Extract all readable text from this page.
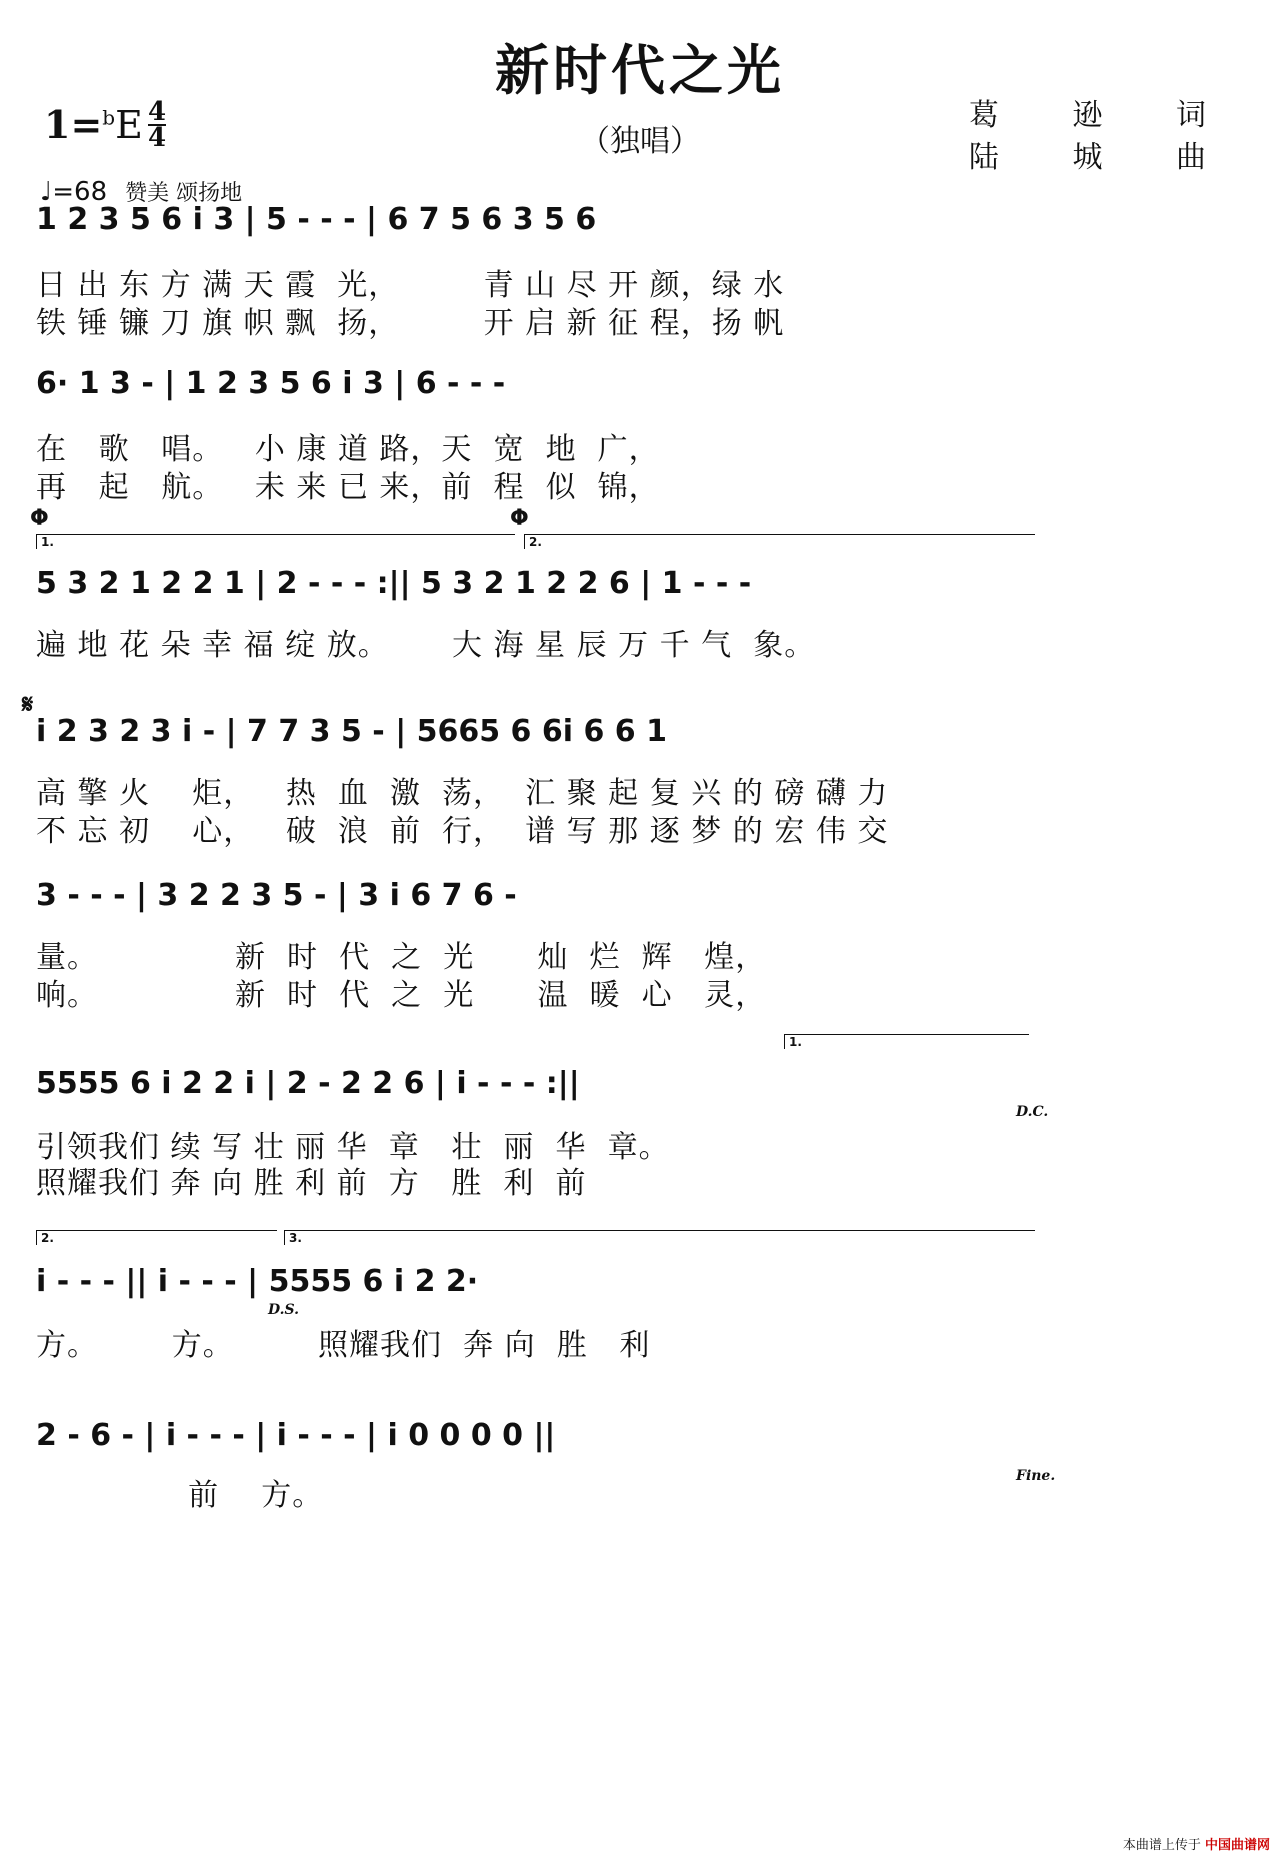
新时代之光
（独唱）
1=$^b$E 4
4
♩=68 赞美 颂扬地
葛 逊 词
陆 城 曲
1 2 3 5 6 i 3 | 5 - - - | 6 7 5 6 3 5 6
日 出 东 方 满 天 霞  光，        青 山 尽 开 颜，绿 水
铁 锤 镰 刀 旗 帜 飘  扬，        开 启 新 征 程，扬 帆
6· 1 3 - | 1 2 3 5 6 i 3 | 6 - - -
在   歌   唱。   小 康 道 路，天  宽  地  广，
再   起   航。   未 来 已 来，前  程  似  锦，
Φ	Φ
1.	2.
5 3 2 1 2 2 1 | 2 - - - :|| 5 3 2 1 2 2 6 | 1 - - -
遍 地 花 朵 幸 福 绽 放。      大 海 星 辰 万 千 气  象。
𝄋
i 2 3 2 3 i - | 7 7 3 5 - | 5665 6 6i 6 6 1
高 擎 火    炬，   热  血  激  荡，  汇 聚 起 复 兴 的 磅 礴 力
不 忘 初    心，   破  浪  前  行，  谱 写 那 逐 梦 的 宏 伟 交
3 - - - | 3 2 2 3 5 - | 3 i 6 7 6 -
量。             新  时  代  之  光      灿  烂  辉   煌，
响。             新  时  代  之  光      温  暖  心   灵，
1.
5555 6 i 2 2 i | 2 - 2 2 6 | i - - - :||
D.C.
引领我们 续 写 壮 丽 华  章   壮  丽  华  章。
照耀我们 奔 向 胜 利 前  方   胜  利  前
2.	3.
i - - - || i - - - | 5555 6 i 2 2·
D.S.
方。       方。        照耀我们  奔 向  胜   利
2 - 6 - | i - - - | i - - - | i 0 0 0 0 ||
Fine.
前    方。
本曲谱上传于 中国曲谱网
